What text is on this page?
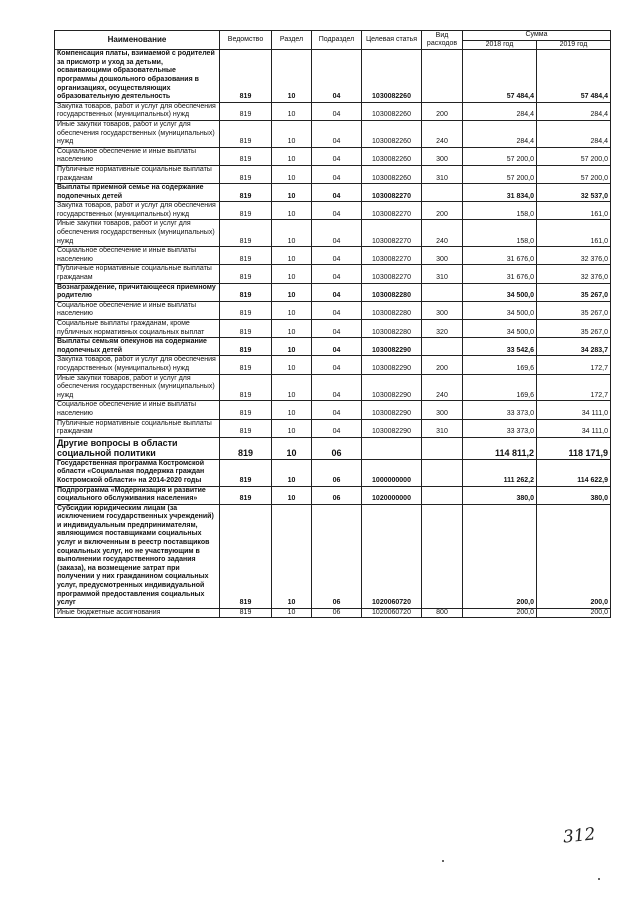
Наименование	Ведомство	Раздел	Подраздел	Целевая статья	Вид расходов	Сумма	
						2018 год	2019 год
Компенсация платы, взимаемой с родителей за присмотр и уход за детьми, осваивающими образовательные программы дошкольного образования в организациях, осуществляющих образовательную деятельность	819	10	04	1030082260		57 484,4	57 484,4
Закупка товаров, работ и услуг для обеспечения государственных (муниципальных) нужд	819	10	04	1030082260	200	284,4	284,4
Иные закупки товаров, работ и услуг для обеспечения государственных (муниципальных) нужд	819	10	04	1030082260	240	284,4	284,4
Социальное обеспечение и иные выплаты населению	819	10	04	1030082260	300	57 200,0	57 200,0
Публичные нормативные социальные выплаты гражданам	819	10	04	1030082260	310	57 200,0	57 200,0
Выплаты приемной семье на содержание подопечных детей	819	10	04	1030082270		31 834,0	32 537,0
Закупка товаров, работ и услуг для обеспечения государственных (муниципальных) нужд	819	10	04	1030082270	200	158,0	161,0
Иные закупки товаров, работ и услуг для обеспечения государственных (муниципальных) нужд	819	10	04	1030082270	240	158,0	161,0
Социальное обеспечение и иные выплаты населению	819	10	04	1030082270	300	31 676,0	32 376,0
Публичные нормативные социальные выплаты гражданам	819	10	04	1030082270	310	31 676,0	32 376,0
Вознаграждение, причитающееся приемному родителю	819	10	04	1030082280		34 500,0	35 267,0
Социальное обеспечение и иные выплаты населению	819	10	04	1030082280	300	34 500,0	35 267,0
Социальные выплаты гражданам, кроме публичных нормативных социальных выплат	819	10	04	1030082280	320	34 500,0	35 267,0
Выплаты семьям опекунов на содержание подопечных детей	819	10	04	1030082290		33 542,6	34 283,7
Закупка товаров, работ и услуг для обеспечения государственных (муниципальных) нужд	819	10	04	1030082290	200	169,6	172,7
Иные закупки товаров, работ и услуг для обеспечения государственных (муниципальных) нужд	819	10	04	1030082290	240	169,6	172,7
Социальное обеспечение и иные выплаты населению	819	10	04	1030082290	300	33 373,0	34 111,0
Публичные нормативные социальные выплаты гражданам	819	10	04	1030082290	310	33 373,0	34 111,0
Другие вопросы в области социальной политики	819	10	06			114 811,2	118 171,9
Государственная программа Костромской области «Социальная поддержка граждан Костромской области» на 2014-2020 годы	819	10	06	1000000000		111 262,2	114 622,9
Подпрограмма «Модернизация и развитие социального обслуживания населения»	819	10	06	1020000000		380,0	380,0
Субсидии юридическим лицам (за исключением государственных учреждений) и индивидуальным предпринимателям, являющимся поставщиками социальных услуг и включенным в реестр поставщиков социальных услуг, но не участвующим в выполнении государственного задания (заказа), на возмещение затрат при получении у них гражданином социальных услуг, предусмотренных индивидуальной программой предоставления социальных услуг	819	10	06	1020060720		200,0	200,0
Иные бюджетные ассигнования	819	10	06	1020060720	800	200,0	200,0
312
